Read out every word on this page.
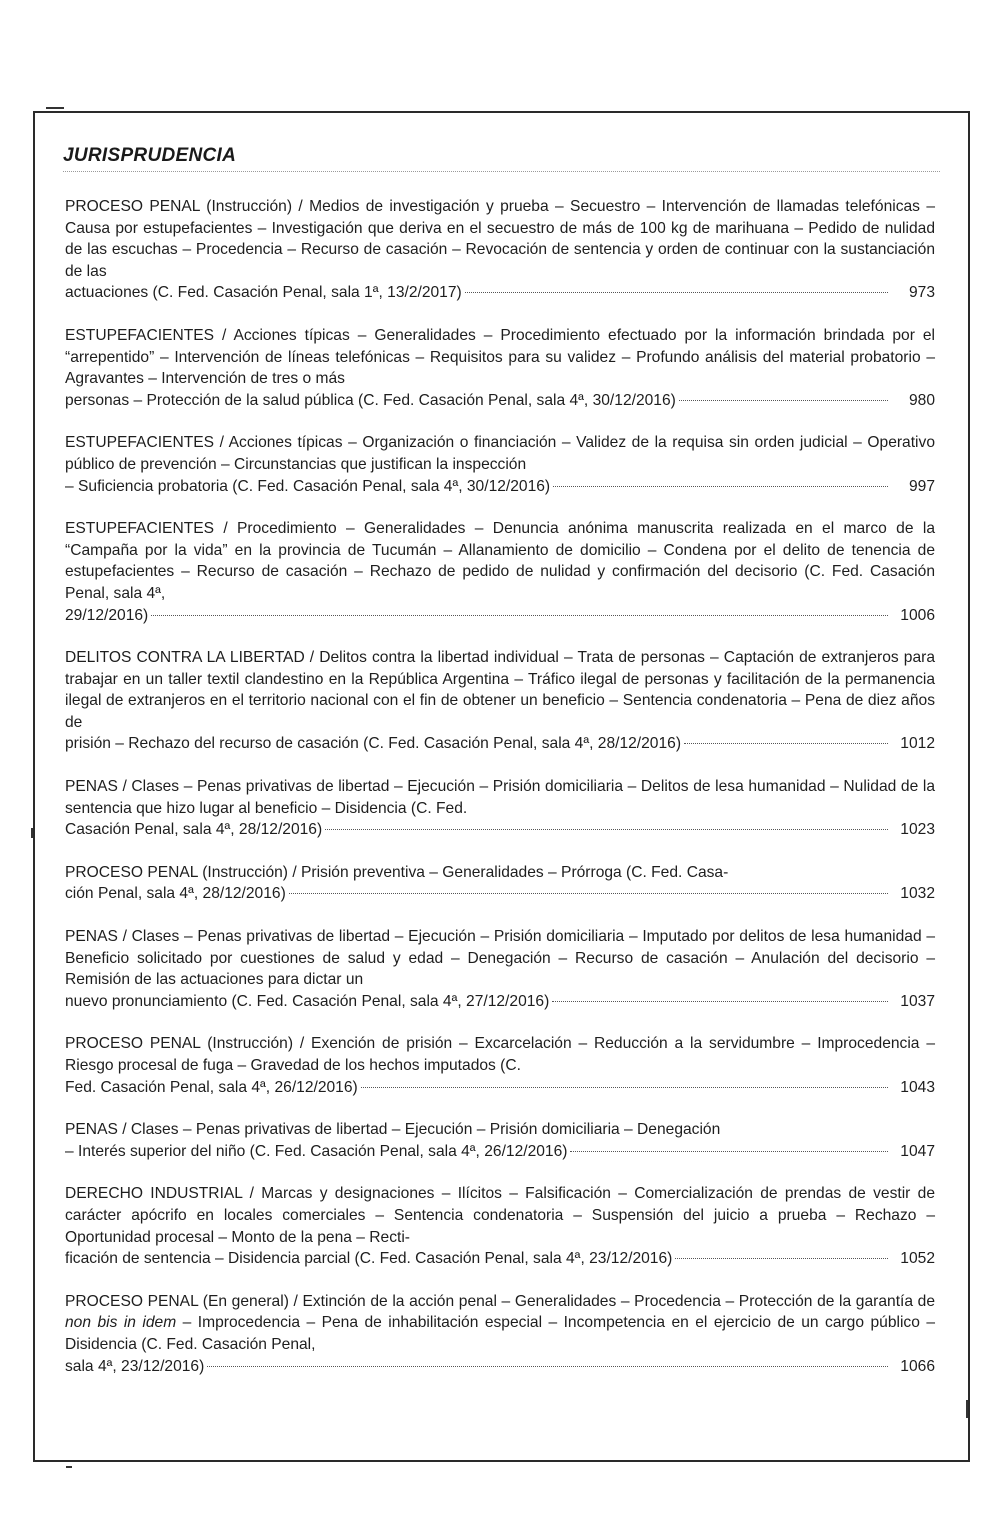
JURISPRUDENCIA
PROCESO PENAL (Instrucción) / Medios de investigación y prueba – Secuestro – Intervención de llamadas telefónicas – Causa por estupefacientes – Investigación que deriva en el secuestro de más de 100 kg de marihuana – Pedido de nulidad de las escuchas – Procedencia – Recurso de casación – Revocación de sentencia y orden de continuar con la sustanciación de las
actuaciones (C. Fed. Casación Penal, sala 1ª, 13/2/2017)	973
ESTUPEFACIENTES / Acciones típicas – Generalidades – Procedimiento efectuado por la información brindada por el “arrepentido” – Intervención de líneas telefónicas – Requisitos para su validez – Profundo análisis del material probatorio – Agravantes – Intervención de tres o más
personas – Protección de la salud pública (C. Fed. Casación Penal, sala 4ª, 30/12/2016)	980
ESTUPEFACIENTES / Acciones típicas – Organización o financiación – Validez de la requisa sin orden judicial – Operativo público de prevención – Circunstancias que justifican la inspección
– Suficiencia probatoria (C. Fed. Casación Penal, sala 4ª, 30/12/2016)	997
ESTUPEFACIENTES / Procedimiento – Generalidades – Denuncia anónima manuscrita realizada en el marco de la “Campaña por la vida” en la provincia de Tucumán – Allanamiento de domicilio – Condena por el delito de tenencia de estupefacientes – Recurso de casación – Rechazo de pedido de nulidad y confirmación del decisorio (C. Fed. Casación Penal, sala 4ª,
29/12/2016)	1006
DELITOS CONTRA LA LIBERTAD / Delitos contra la libertad individual – Trata de personas – Captación de extranjeros para trabajar en un taller textil clandestino en la República Argentina – Tráfico ilegal de personas y facilitación de la permanencia ilegal de extranjeros en el territorio nacional con el fin de obtener un beneficio – Sentencia condenatoria – Pena de diez años de
prisión – Rechazo del recurso de casación (C. Fed. Casación Penal, sala 4ª, 28/12/2016)	1012
PENAS / Clases – Penas privativas de libertad – Ejecución – Prisión domiciliaria – Delitos de lesa humanidad – Nulidad de la sentencia que hizo lugar al beneficio – Disidencia (C. Fed.
Casación Penal, sala 4ª, 28/12/2016)	1023
PROCESO PENAL (Instrucción) / Prisión preventiva – Generalidades – Prórroga (C. Fed. Casa-
ción Penal, sala 4ª, 28/12/2016)	1032
PENAS / Clases – Penas privativas de libertad – Ejecución – Prisión domiciliaria – Imputado por delitos de lesa humanidad – Beneficio solicitado por cuestiones de salud y edad – Denegación – Recurso de casación – Anulación del decisorio – Remisión de las actuaciones para dictar un
nuevo pronunciamiento (C. Fed. Casación Penal, sala 4ª, 27/12/2016)	1037
PROCESO PENAL (Instrucción) / Exención de prisión – Excarcelación – Reducción a la servidumbre – Improcedencia – Riesgo procesal de fuga – Gravedad de los hechos imputados (C.
Fed. Casación Penal, sala 4ª, 26/12/2016)	1043
PENAS / Clases – Penas privativas de libertad – Ejecución – Prisión domiciliaria – Denegación
– Interés superior del niño (C. Fed. Casación Penal, sala 4ª, 26/12/2016)	1047
DERECHO INDUSTRIAL / Marcas y designaciones – Ilícitos – Falsificación – Comercialización de prendas de vestir de carácter apócrifo en locales comerciales – Sentencia condenatoria – Suspensión del juicio a prueba – Rechazo – Oportunidad procesal – Monto de la pena – Recti-
ficación de sentencia – Disidencia parcial (C. Fed. Casación Penal, sala 4ª, 23/12/2016)	1052
PROCESO PENAL (En general) / Extinción de la acción penal – Generalidades – Procedencia – Protección de la garantía de non bis in idem – Improcedencia – Pena de inhabilitación especial – Incompetencia en el ejercicio de un cargo público – Disidencia (C. Fed. Casación Penal,
sala 4ª, 23/12/2016)	1066
